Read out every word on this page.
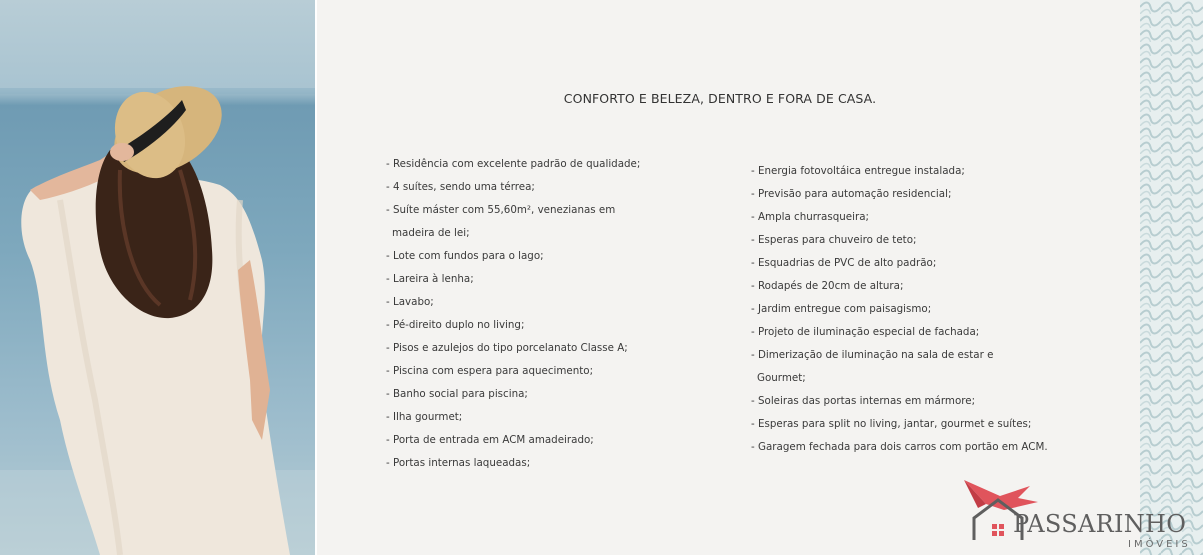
CONFORTO E BELEZA, DENTRO E FORA DE CASA.
- Residência com excelente padrão de qualidade;
- 4 suítes, sendo uma térrea;
- Suíte máster com 55,60m², venezianas em
madeira de lei;
- Lote com fundos para o lago;
- Lareira à lenha;
- Lavabo;
- Pé-direito duplo no living;
- Pisos e azulejos do tipo porcelanato Classe A;
- Piscina com espera para aquecimento;
- Banho social para piscina;
- Ilha gourmet;
- Porta de entrada em ACM amadeirado;
- Portas internas laqueadas;
- Energia fotovoltáica entregue instalada;
- Previsão para automação residencial;
- Ampla churrasqueira;
- Esperas para chuveiro de teto;
- Esquadrias de PVC de alto padrão;
- Rodapés de 20cm de altura;
- Jardim entregue com paisagismo;
- Projeto de iluminação especial de fachada;
- Dimerização de iluminação na sala de estar e
Gourmet;
- Soleiras das portas internas em mármore;
- Esperas para split no living, jantar, gourmet e suítes;
- Garagem fechada para dois carros com portão em ACM.
PASSARINHO
IMÓVEIS
